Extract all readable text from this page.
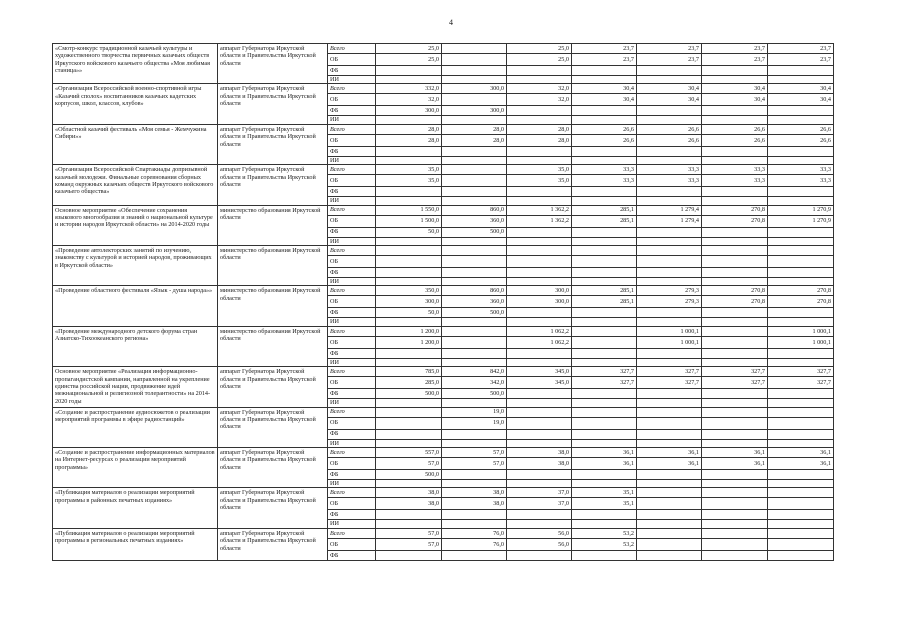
4
«Смотр-конкурс традиционной казачьей культуры и художественного творчества первичных казачьих обществ Иркутского войскового казачьего общества «Моя любимая станица»»	аппарат Губернатора Иркутской области и Правительства Иркутской области	Всего	25,0		25,0	23,7	23,7	23,7	23,7
		ОБ	25,0		25,0	23,7	23,7	23,7	23,7
		ФБ							
		ИИ							
«Организация Всероссийской военно-спортивной игры «Казачий сполох» воспитанников казачьих кадетских корпусов, школ, классов, клубов»	аппарат Губернатора Иркутской области и Правительства Иркутской области	Всего	332,0	300,0	32,0	30,4	30,4	30,4	30,4
		ОБ	32,0		32,0	30,4	30,4	30,4	30,4
		ФБ	300,0	300,0					
		ИИ							
«Областной казачий фестиваль «Моя семья - Жемчужина Сибири»»	аппарат Губернатора Иркутской области и Правительства Иркутской области	Всего	28,0	28,0	28,0	26,6	26,6	26,6	26,6
		ОБ	28,0	28,0	28,0	26,6	26,6	26,6	26,6
		ФБ							
		ИИ							
«Организация Всероссийской Спартакиады допризывной казачьей молодежи. Финальные соревнования сборных команд окружных казачьих обществ Иркутского войскового казачьего общества»	аппарат Губернатора Иркутской области и Правительства Иркутской области	Всего	35,0		35,0	33,3	33,3	33,3	33,3
		ОБ	35,0		35,0	33,3	33,3	33,3	33,3
		ФБ							
		ИИ							
Основное мероприятие «Обеспечение сохранения языкового многообразия и знаний о национальной культуре и истории народов Иркутской области» на 2014-2020 годы	министерство образования Иркутской области	Всего	1 550,0	860,0	1 362,2	285,1	1 279,4	270,8	1 270,9
		ОБ	1 500,0	360,0	1 362,2	285,1	1 279,4	270,8	1 270,9
		ФБ	50,0	500,0					
		ИИ							
«Проведение автолекторских занятий по изучению, знакомству с культурой и историей народов, проживающих в Иркутской области»	министерство образования Иркутской области	Всего							
		ОБ							
		ФБ							
		ИИ							
«Проведение областного фестиваля «Язык - душа народа»»	министерство образования Иркутской области	Всего	350,0	860,0	300,0	285,1	279,3	270,8	270,8
		ОБ	300,0	360,0	300,0	285,1	279,3	270,8	270,8
		ФБ	50,0	500,0					
		ИИ							
«Проведение международного детского форума стран Азиатско-Тихоокеанского региона»	министерство образования Иркутской области	Всего	1 200,0		1 062,2		1 000,1		1 000,1
		ОБ	1 200,0		1 062,2		1 000,1		1 000,1
		ФБ							
		ИИ							
Основное мероприятие «Реализация информационно-пропагандистской кампании, направленной на укрепление единства российской нации, продвижение идей межнациональной и религиозной толерантности» на 2014-2020 годы	аппарат Губернатора Иркутской области и Правительства Иркутской области	Всего	785,0	842,0	345,0	327,7	327,7	327,7	327,7
		ОБ	285,0	342,0	345,0	327,7	327,7	327,7	327,7
		ФБ	500,0	500,0					
		ИИ							
«Создание и распространение аудиосюжетов о реализации мероприятий программы в эфире радиостанций»	аппарат Губернатора Иркутской области и Правительства Иркутской области	Всего		19,0					
		ОБ		19,0					
		ФБ							
		ИИ							
«Создание и распространение информационных материалов на Интернет-ресурсах о реализации мероприятий программы»	аппарат Губернатора Иркутской области и Правительства Иркутской области	Всего	557,0	57,0	38,0	36,1	36,1	36,1	36,1
		ОБ	57,0	57,0	38,0	36,1	36,1	36,1	36,1
		ФБ	500,0						
		ИИ							
«Публикация материалов о реализации мероприятий программы в районных печатных изданиях»	аппарат Губернатора Иркутской области и Правительства Иркутской области	Всего	38,0	38,0	37,0	35,1			
		ОБ	38,0	38,0	37,0	35,1			
		ФБ							
		ИИ							
«Публикация материалов о реализации мероприятий программы в региональных печатных изданиях»	аппарат Губернатора Иркутской области и Правительства Иркутской области	Всего	57,0	76,0	56,0	53,2			
		ОБ	57,0	76,0	56,0	53,2			
		ФБ							
